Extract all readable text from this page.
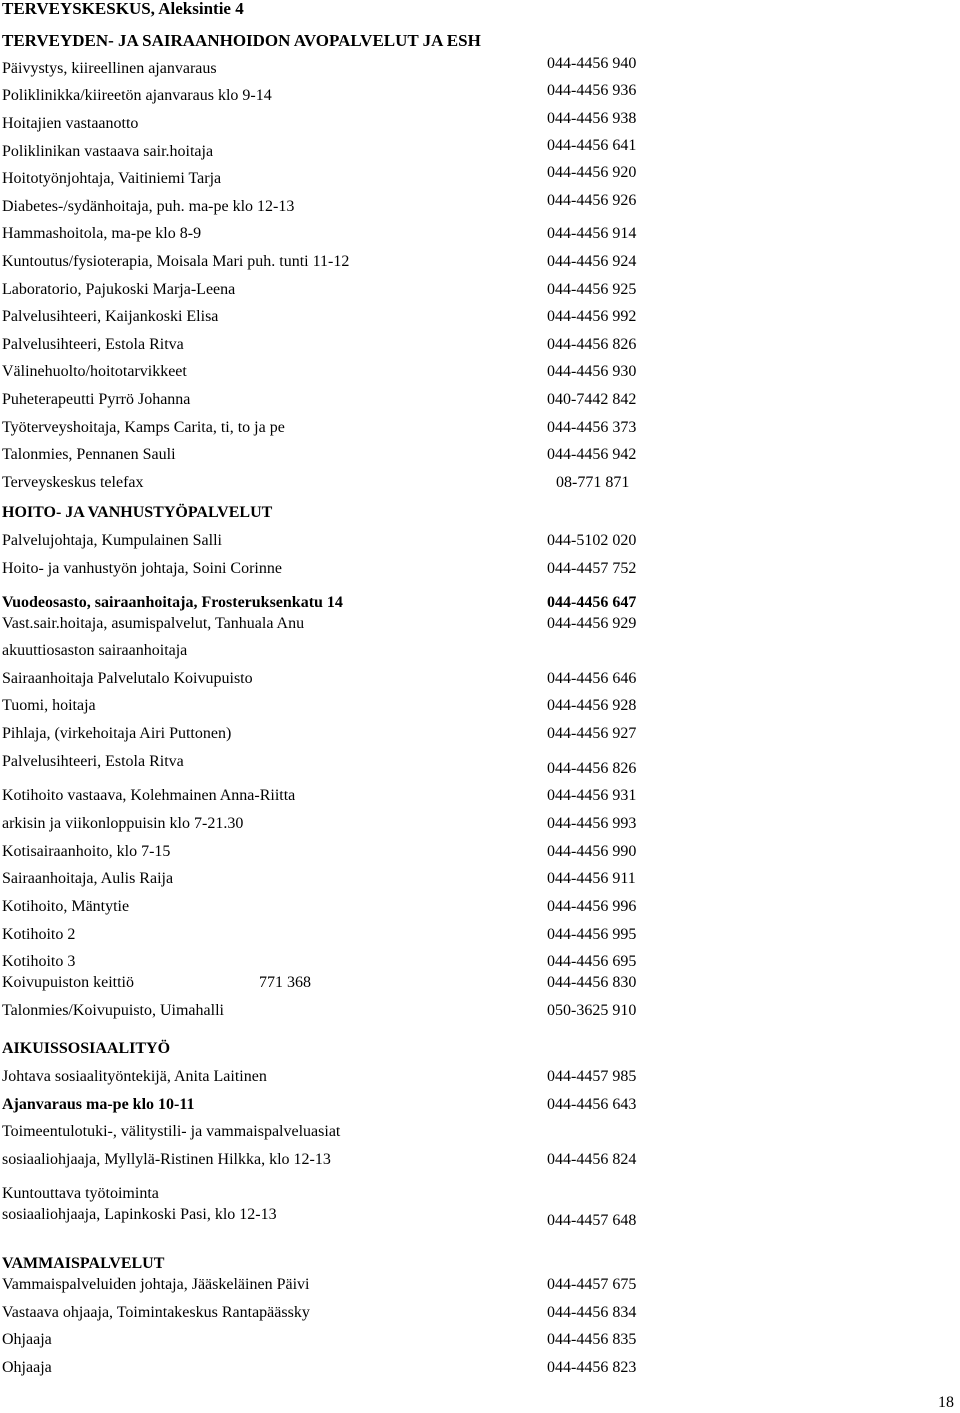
TERVEYSKESKUS, Aleksintie 4
TERVEYDEN- JA SAIRAANHOIDON AVOPALVELUT JA ESH
Päivystys, kiireellinen ajanvaraus	044-4456 940
Poliklinikka/kiireetön ajanvaraus klo 9-14	044-4456 936
Hoitajien vastaanotto	044-4456 938
Poliklinikan vastaava sair.hoitaja	044-4456 641
Hoitotyönjohtaja, Vaitiniemi Tarja	044-4456 920
Diabetes-/sydänhoitaja, puh. ma-pe klo 12-13	044-4456 926
Hammashoitola, ma-pe klo 8-9	044-4456 914
Kuntoutus/fysioterapia, Moisala Mari puh. tunti 11-12	044-4456 924
Laboratorio, Pajukoski Marja-Leena	044-4456 925
Palvelusihteeri, Kaijankoski Elisa	044-4456 992
Palvelusihteeri, Estola Ritva	044-4456 826
Välinehuolto/hoitotarvikkeet	044-4456 930
Puheterapeutti Pyrrö Johanna	040-7442 842
Työterveyshoitaja, Kamps Carita, ti, to ja pe	044-4456 373
Talonmies, Pennanen Sauli	044-4456 942
Terveyskeskus telefax	08-771 871
HOITO- JA VANHUSTYÖPALVELUT
Palvelujohtaja, Kumpulainen Salli	044-5102 020
Hoito- ja vanhustyön johtaja, Soini Corinne	044-4457 752
Vuodeosasto, sairaanhoitaja, Frosteruksenkatu 14	044-4456 647
Vast.sair.hoitaja, asumispalvelut, Tanhuala Anu	044-4456 929
akuuttiosaston sairaanhoitaja
Sairaanhoitaja Palvelutalo Koivupuisto	044-4456 646
Tuomi, hoitaja	044-4456 928
Pihlaja, (virkehoitaja Airi Puttonen)	044-4456 927
Palvelusihteeri, Estola Ritva	044-4456 826
Kotihoito vastaava, Kolehmainen Anna-Riitta	044-4456 931
arkisin ja viikonloppuisin klo 7-21.30	044-4456 993
Kotisairaanhoito, klo 7-15	044-4456 990
Sairaanhoitaja, Aulis Raija	044-4456 911
Kotihoito, Mäntytie	044-4456 996
Kotihoito 2	044-4456 995
Kotihoito 3	044-4456 695
Koivupuiston keittiö	771 368	044-4456 830
Talonmies/Koivupuisto, Uimahalli	050-3625 910
AIKUISSOSIAALITYÖ
Johtava sosiaalityöntekijä, Anita Laitinen	044-4457 985
Ajanvaraus ma-pe klo 10-11	044-4456 643
Toimeentulotuki-, välitystili- ja vammaispalveluasiat
sosiaaliohjaaja, Myllylä-Ristinen Hilkka, klo 12-13	044-4456 824
Kuntouttava työtoiminta
sosiaaliohjaaja, Lapinkoski Pasi, klo 12-13	044-4457 648
VAMMAISPALVELUT
Vammaispalveluiden johtaja, Jääskeläinen Päivi	044-4457 675
Vastaava ohjaaja, Toimintakeskus Rantapäässky	044-4456 834
Ohjaaja	044-4456 835
Ohjaaja	044-4456 823
18
